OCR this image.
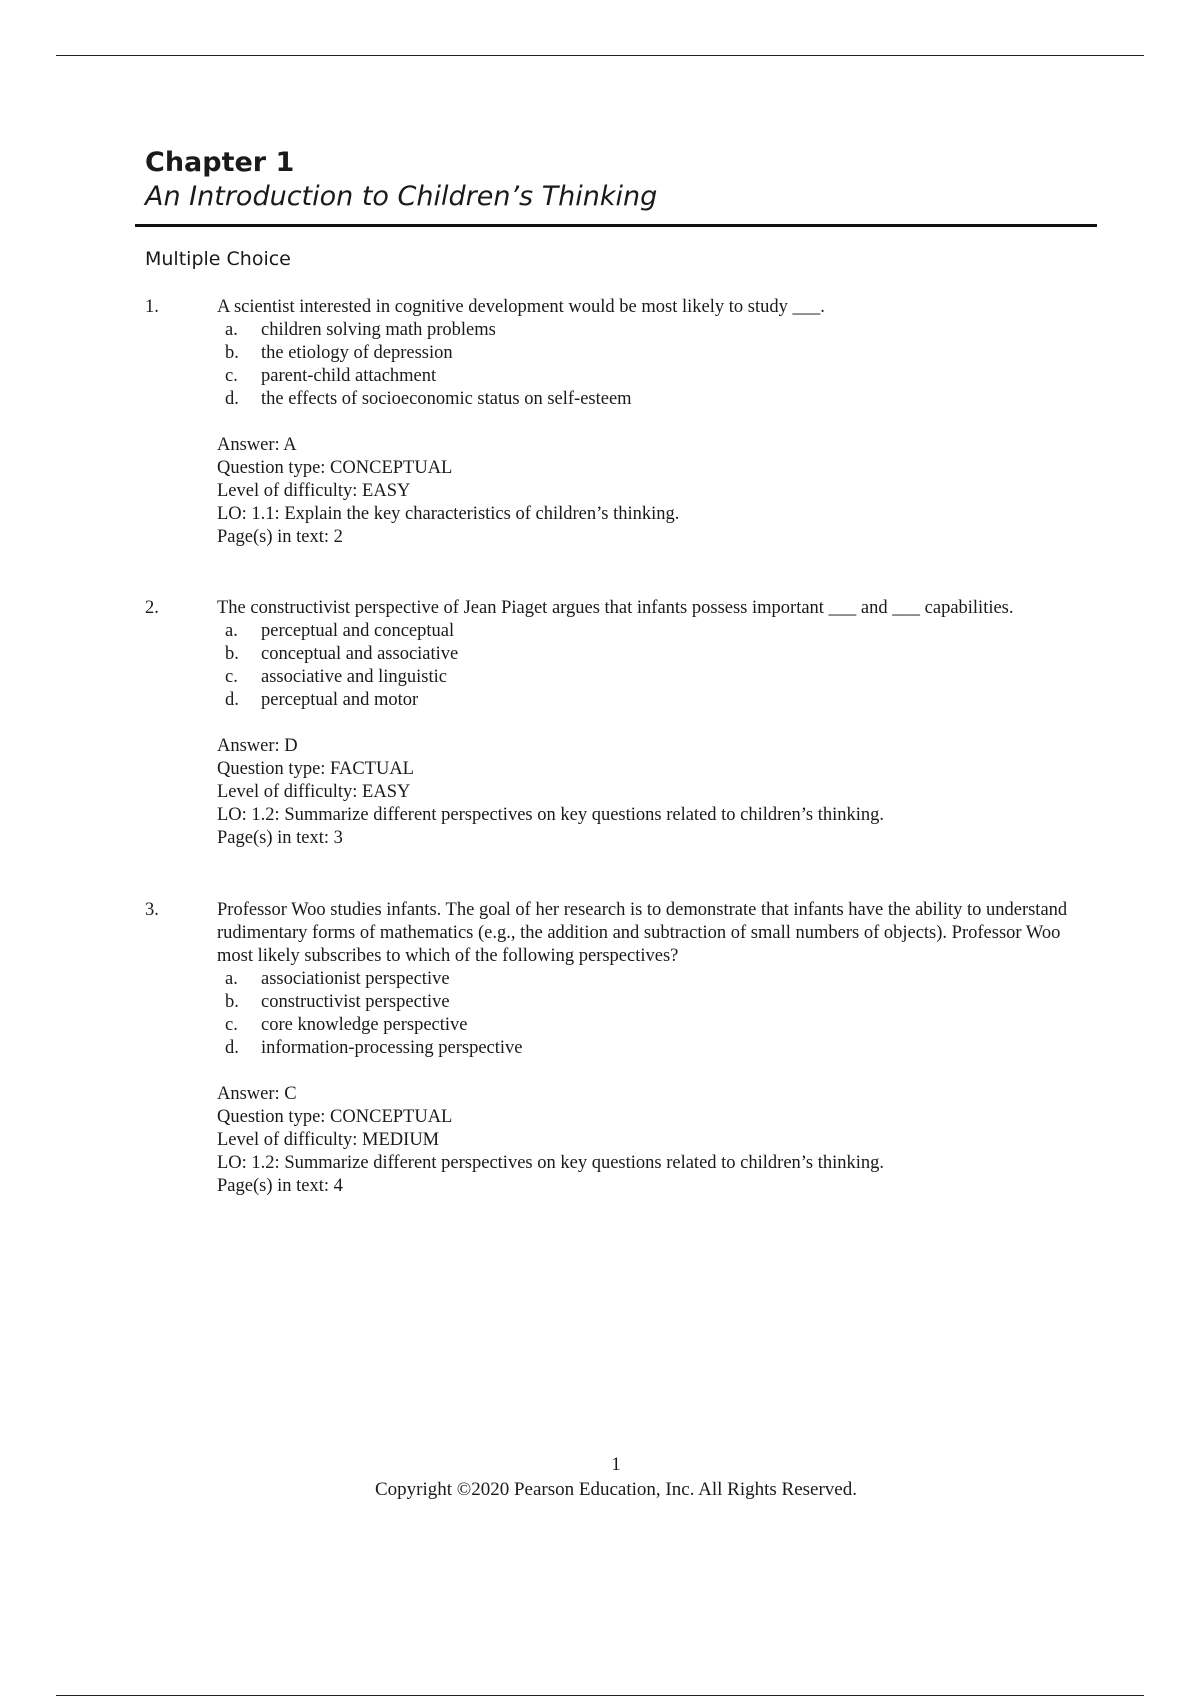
Chapter 1
An Introduction to Children’s Thinking
Multiple Choice
1.	A scientist interested in cognitive development would be most likely to study ___.
a. children solving math problems
b. the etiology of depression
c. parent-child attachment
d. the effects of socioeconomic status on self-esteem
Answer: A
Question type: CONCEPTUAL
Level of difficulty: EASY
LO: 1.1: Explain the key characteristics of children’s thinking.
Page(s) in text: 2
2.	The constructivist perspective of Jean Piaget argues that infants possess important ___ and ___ capabilities.
a. perceptual and conceptual
b. conceptual and associative
c. associative and linguistic
d. perceptual and motor
Answer: D
Question type: FACTUAL
Level of difficulty: EASY
LO: 1.2: Summarize different perspectives on key questions related to children’s thinking.
Page(s) in text: 3
3.	Professor Woo studies infants. The goal of her research is to demonstrate that infants have the ability to understand rudimentary forms of mathematics (e.g., the addition and subtraction of small numbers of objects). Professor Woo most likely subscribes to which of the following perspectives?
a. associationist perspective
b. constructivist perspective
c. core knowledge perspective
d. information-processing perspective
Answer: C
Question type: CONCEPTUAL
Level of difficulty: MEDIUM
LO: 1.2: Summarize different perspectives on key questions related to children’s thinking.
Page(s) in text: 4
1
Copyright ©2020 Pearson Education, Inc. All Rights Reserved.
